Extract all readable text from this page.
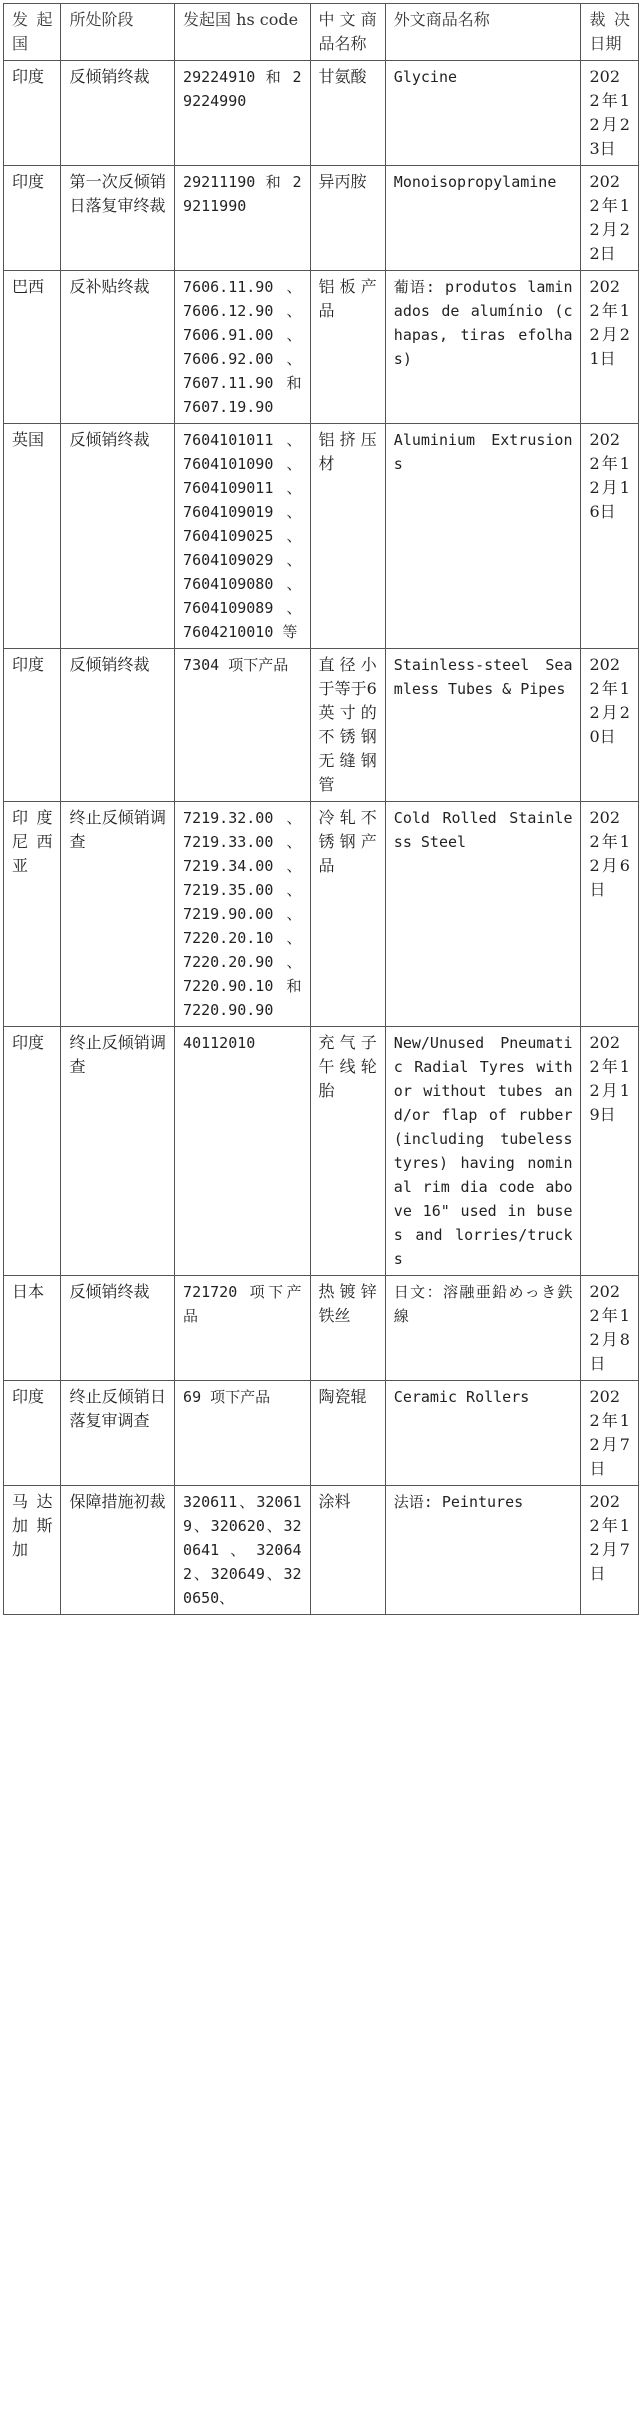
发起国	所处阶段	发起国 hs code	中文商品名称	外文商品名称	裁决日期
印度	反倾销终裁	29224910 和 29224990	甘氨酸	Glycine	2022年12月23日
印度	第一次反倾销日落复审终裁	29211190 和 29211990	异丙胺	Monoisopropylamine	2022年12月22日
巴西	反补贴终裁	7606.11.90 、 7606.12.90 、 7606.91.00 、 7606.92.00 、 7607.11.90 和 7607.19.90	铝板产品	葡语: produtos laminados de alumínio (chapas, tiras efolhas)	2022年12月21日
英国	反倾销终裁	7604101011 、 7604101090 、 7604109011 、 7604109019 、 7604109025 、 7604109029 、 7604109080 、 7604109089 、 7604210010 等	铝挤压材	Aluminium Extrusions	2022年12月16日
印度	反倾销终裁	7304 项下产品	直径小于等于6英寸的不锈钢无缝钢管	Stainless-steel Seamless Tubes & Pipes	2022年12月20日
印度尼西亚	终止反倾销调查	7219.32.00 、 7219.33.00 、 7219.34.00 、 7219.35.00 、 7219.90.00 、 7220.20.10 、 7220.20.90 、 7220.90.10 和 7220.90.90	冷轧不锈钢产品	Cold Rolled Stainless Steel	2022年12月6日
印度	终止反倾销调查	40112010	充气子午线轮胎	New/Unused Pneumatic Radial Tyres withor without tubes and/or flap of rubber (including tubeless tyres) having nominal rim dia code above 16" used in buses and lorries/trucks	2022年12月19日
日本	反倾销终裁	721720 项下产品	热镀锌铁丝	日文：溶融亜鉛めっき鉄線	2022年12月8日
印度	终止反倾销日落复审调查	69 项下产品	陶瓷辊	Ceramic Rollers	2022年12月7日
马达加斯加	保障措施初裁	320611、320619、320620、320641、320642、320649、320650、	涂料	法语: Peintures	2022年12月7日
